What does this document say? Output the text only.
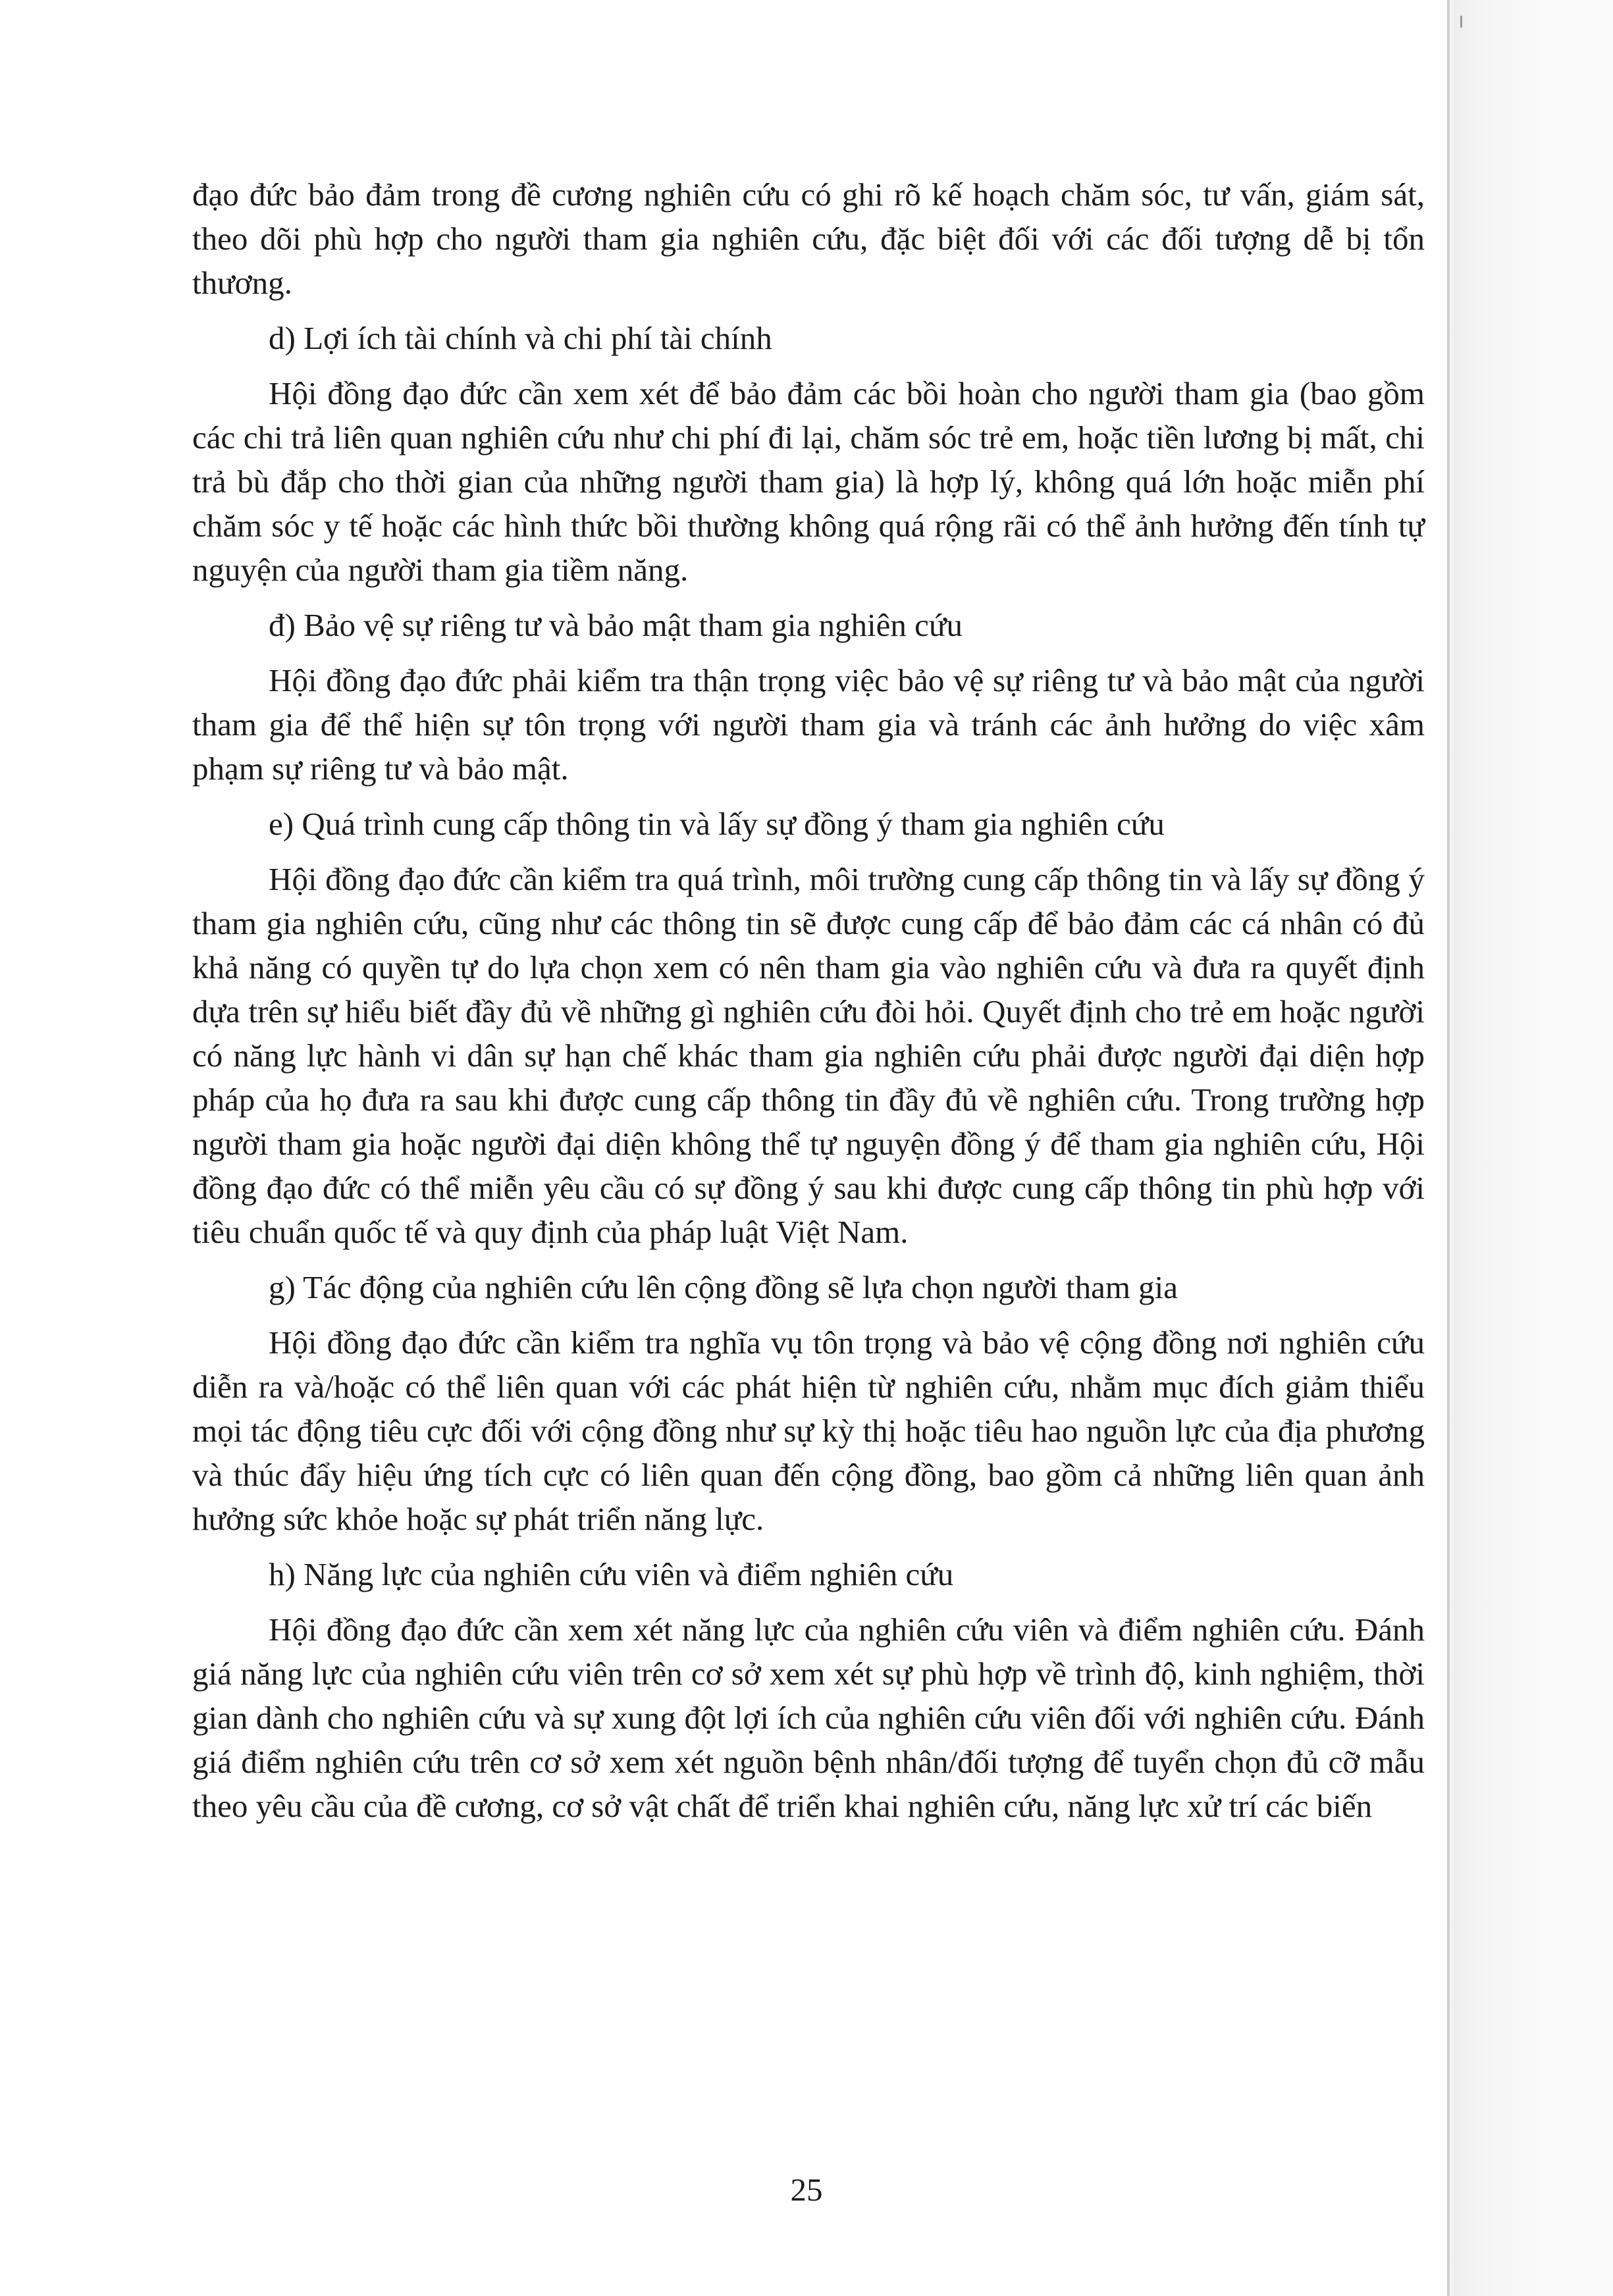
đạo đức bảo đảm trong đề cương nghiên cứu có ghi rõ kế hoạch chăm sóc, tư vấn, giám sát, theo dõi phù hợp cho người tham gia nghiên cứu, đặc biệt đối với các đối tượng dễ bị tổn thương.

d) Lợi ích tài chính và chi phí tài chính

Hội đồng đạo đức cần xem xét để bảo đảm các bồi hoàn cho người tham gia (bao gồm các chi trả liên quan nghiên cứu như chi phí đi lại, chăm sóc trẻ em, hoặc tiền lương bị mất, chi trả bù đắp cho thời gian của những người tham gia) là hợp lý, không quá lớn hoặc miễn phí chăm sóc y tế hoặc các hình thức bồi thường không quá rộng rãi có thể ảnh hưởng đến tính tự nguyện của người tham gia tiềm năng.

đ) Bảo vệ sự riêng tư và bảo mật tham gia nghiên cứu

Hội đồng đạo đức phải kiểm tra thận trọng việc bảo vệ sự riêng tư và bảo mật của người tham gia để thể hiện sự tôn trọng với người tham gia và tránh các ảnh hưởng do việc xâm phạm sự riêng tư và bảo mật.

e) Quá trình cung cấp thông tin và lấy sự đồng ý tham gia nghiên cứu

Hội đồng đạo đức cần kiểm tra quá trình, môi trường cung cấp thông tin và lấy sự đồng ý tham gia nghiên cứu, cũng như các thông tin sẽ được cung cấp để bảo đảm các cá nhân có đủ khả năng có quyền tự do lựa chọn xem có nên tham gia vào nghiên cứu và đưa ra quyết định dựa trên sự hiểu biết đầy đủ về những gì nghiên cứu đòi hỏi. Quyết định cho trẻ em hoặc người có năng lực hành vi dân sự hạn chế khác tham gia nghiên cứu phải được người đại diện hợp pháp của họ đưa ra sau khi được cung cấp thông tin đầy đủ về nghiên cứu. Trong trường hợp người tham gia hoặc người đại diện không thể tự nguyện đồng ý để tham gia nghiên cứu, Hội đồng đạo đức có thể miễn yêu cầu có sự đồng ý sau khi được cung cấp thông tin phù hợp với tiêu chuẩn quốc tế và quy định của pháp luật Việt Nam.

g) Tác động của nghiên cứu lên cộng đồng sẽ lựa chọn người tham gia

Hội đồng đạo đức cần kiểm tra nghĩa vụ tôn trọng và bảo vệ cộng đồng nơi nghiên cứu diễn ra và/hoặc có thể liên quan với các phát hiện từ nghiên cứu, nhằm mục đích giảm thiểu mọi tác động tiêu cực đối với cộng đồng như sự kỳ thị hoặc tiêu hao nguồn lực của địa phương và thúc đẩy hiệu ứng tích cực có liên quan đến cộng đồng, bao gồm cả những liên quan ảnh hưởng sức khỏe hoặc sự phát triển năng lực.

h) Năng lực của nghiên cứu viên và điểm nghiên cứu

Hội đồng đạo đức cần xem xét năng lực của nghiên cứu viên và điểm nghiên cứu. Đánh giá năng lực của nghiên cứu viên trên cơ sở xem xét sự phù hợp về trình độ, kinh nghiệm, thời gian dành cho nghiên cứu và sự xung đột lợi ích của nghiên cứu viên đối với nghiên cứu. Đánh giá điểm nghiên cứu trên cơ sở xem xét nguồn bệnh nhân/đối tượng để tuyển chọn đủ cỡ mẫu theo yêu cầu của đề cương, cơ sở vật chất để triển khai nghiên cứu, năng lực xử trí các biến

25
